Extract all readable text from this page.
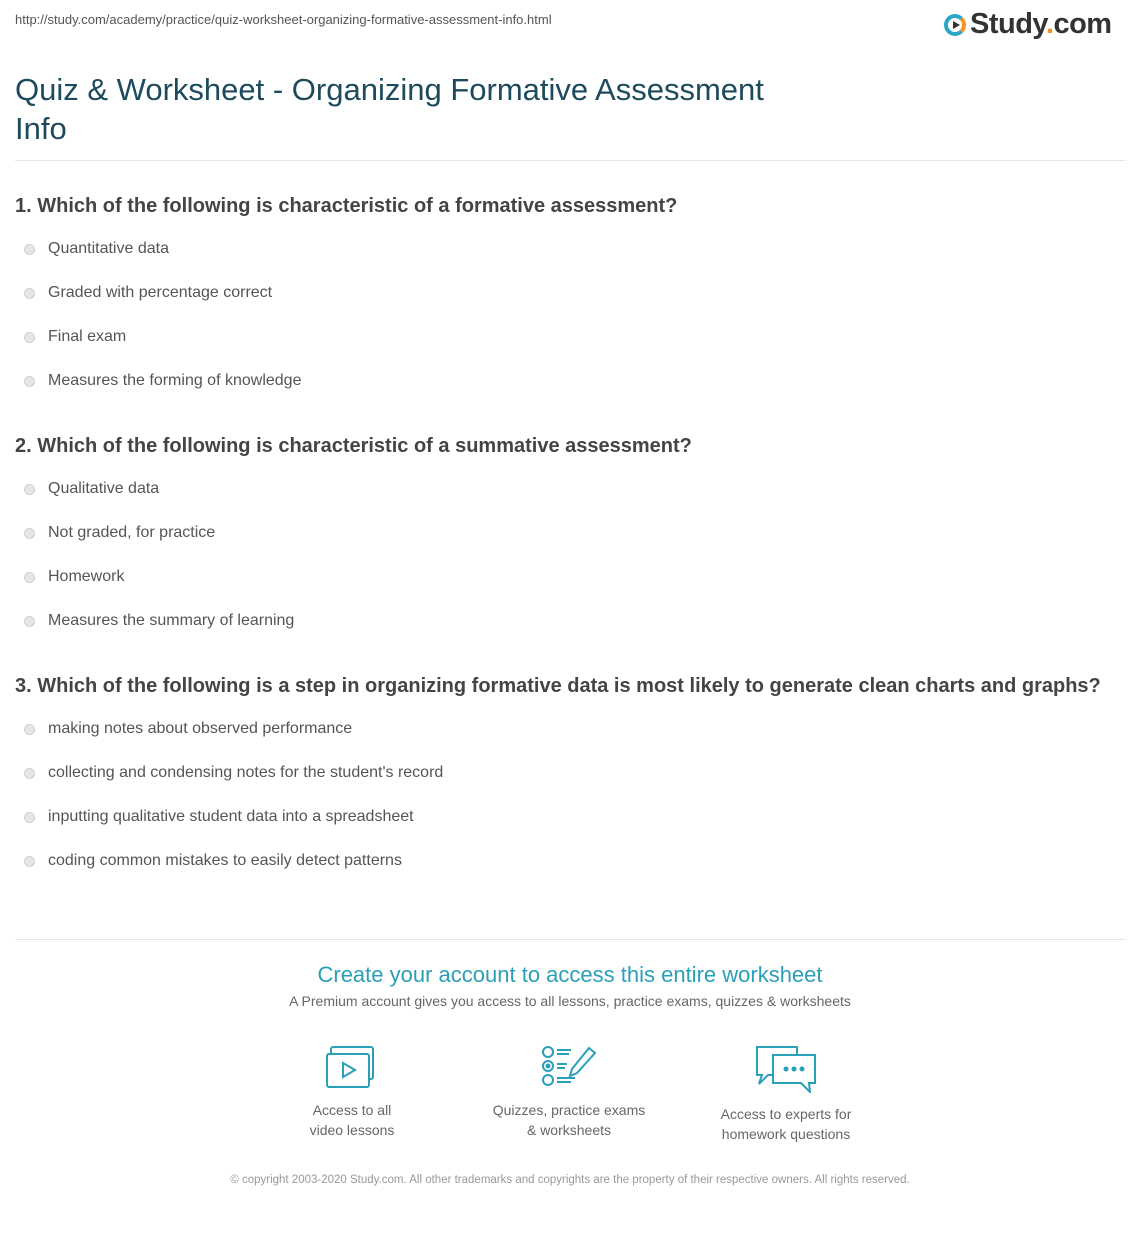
http://study.com/academy/practice/quiz-worksheet-organizing-formative-assessment-info.html	Study.com
Quiz & Worksheet - Organizing Formative Assessment Info
1. Which of the following is characteristic of a formative assessment?
Quantitative data
Graded with percentage correct
Final exam
Measures the forming of knowledge
2. Which of the following is characteristic of a summative assessment?
Qualitative data
Not graded, for practice
Homework
Measures the summary of learning
3. Which of the following is a step in organizing formative data is most likely to generate clean charts and graphs?
making notes about observed performance
collecting and condensing notes for the student's record
inputting qualitative student data into a spreadsheet
coding common mistakes to easily detect patterns
Create your account to access this entire worksheet
A Premium account gives you access to all lessons, practice exams, quizzes & worksheets
Access to all
video lessons
Quizzes, practice exams
& worksheets
Access to experts for
homework questions
© copyright 2003-2020 Study.com. All other trademarks and copyrights are the property of their respective owners. All rights reserved.
